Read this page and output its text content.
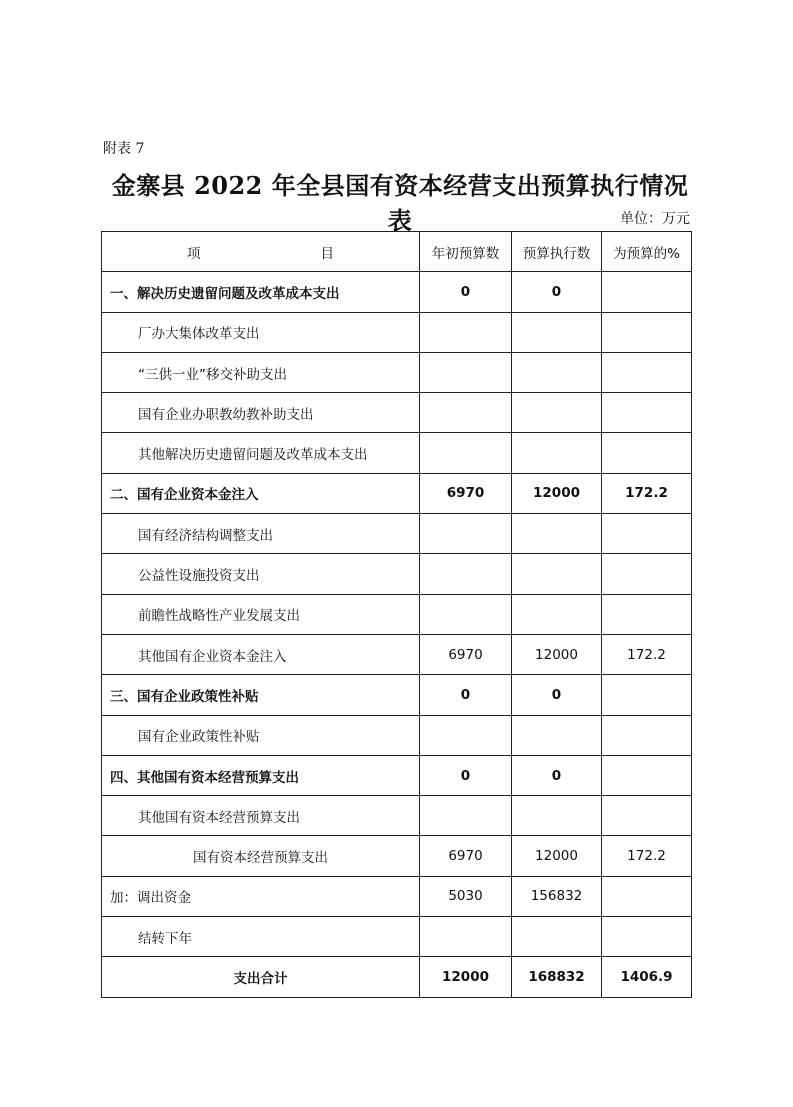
附表 7
金寨县 2022 年全县国有资本经营支出预算执行情况表	单位：万元
项 目	年初预算数	预算执行数	为预算的%
一、解决历史遗留问题及改革成本支出	0	0	
厂办大集体改革支出			
“三供一业”移交补助支出			
国有企业办职教幼教补助支出			
其他解决历史遗留问题及改革成本支出			
二、国有企业资本金注入	6970	12000	172.2
国有经济结构调整支出			
公益性设施投资支出			
前瞻性战略性产业发展支出			
其他国有企业资本金注入	6970	12000	172.2
三、国有企业政策性补贴	0	0	
国有企业政策性补贴			
四、其他国有资本经营预算支出	0	0	
其他国有资本经营预算支出			
国有资本经营预算支出	6970	12000	172.2
加：调出资金	5030	156832	
结转下年			
支出合计	12000	168832	1406.9
